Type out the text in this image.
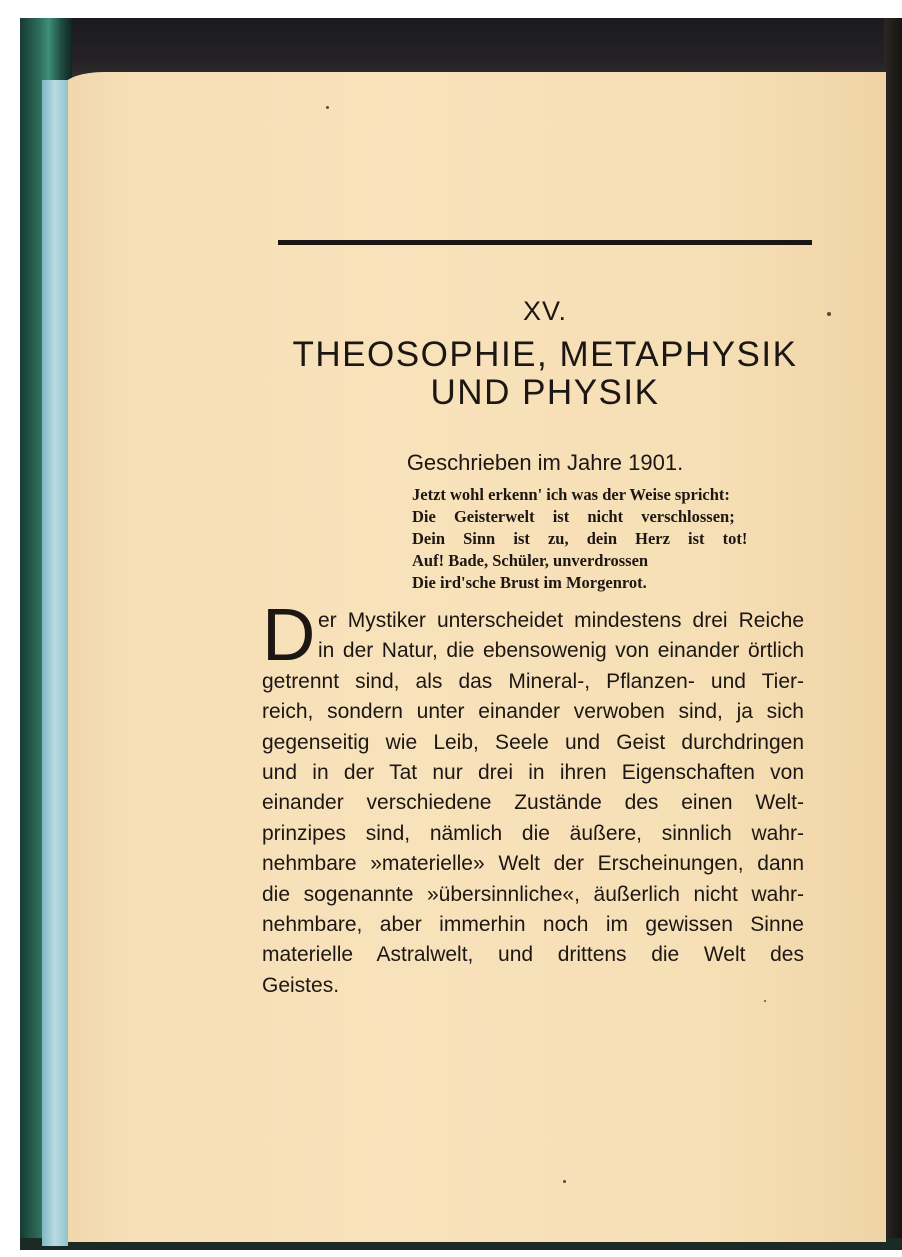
XV.
THEOSOPHIE, METAPHYSIK
UND PHYSIK
Geschrieben im Jahre 1901.
Jetzt wohl erkenn' ich was der Weise spricht:
Die Geisterwelt ist nicht verschlossen;
Dein Sinn ist zu, dein Herz ist tot!
Auf! Bade, Schüler, unverdrossen
Die ird'sche Brust im Morgenrot.
D er Mystiker unterscheidet mindestens drei Reiche
in der Natur, die ebensowenig von einander örtlich
getrennt sind, als das Mineral-, Pflanzen- und Tier-
reich, sondern unter einander verwoben sind, ja sich
gegenseitig wie Leib, Seele und Geist durchdringen
und in der Tat nur drei in ihren Eigenschaften von
einander verschiedene Zustände des einen Welt-
prinzipes sind, nämlich die äußere, sinnlich wahr-
nehmbare »materielle» Welt der Erscheinungen, dann
die sogenannte »übersinnliche«, äußerlich nicht wahr-
nehmbare, aber immerhin noch im gewissen Sinne
materielle Astralwelt, und drittens die Welt des
Geistes.
